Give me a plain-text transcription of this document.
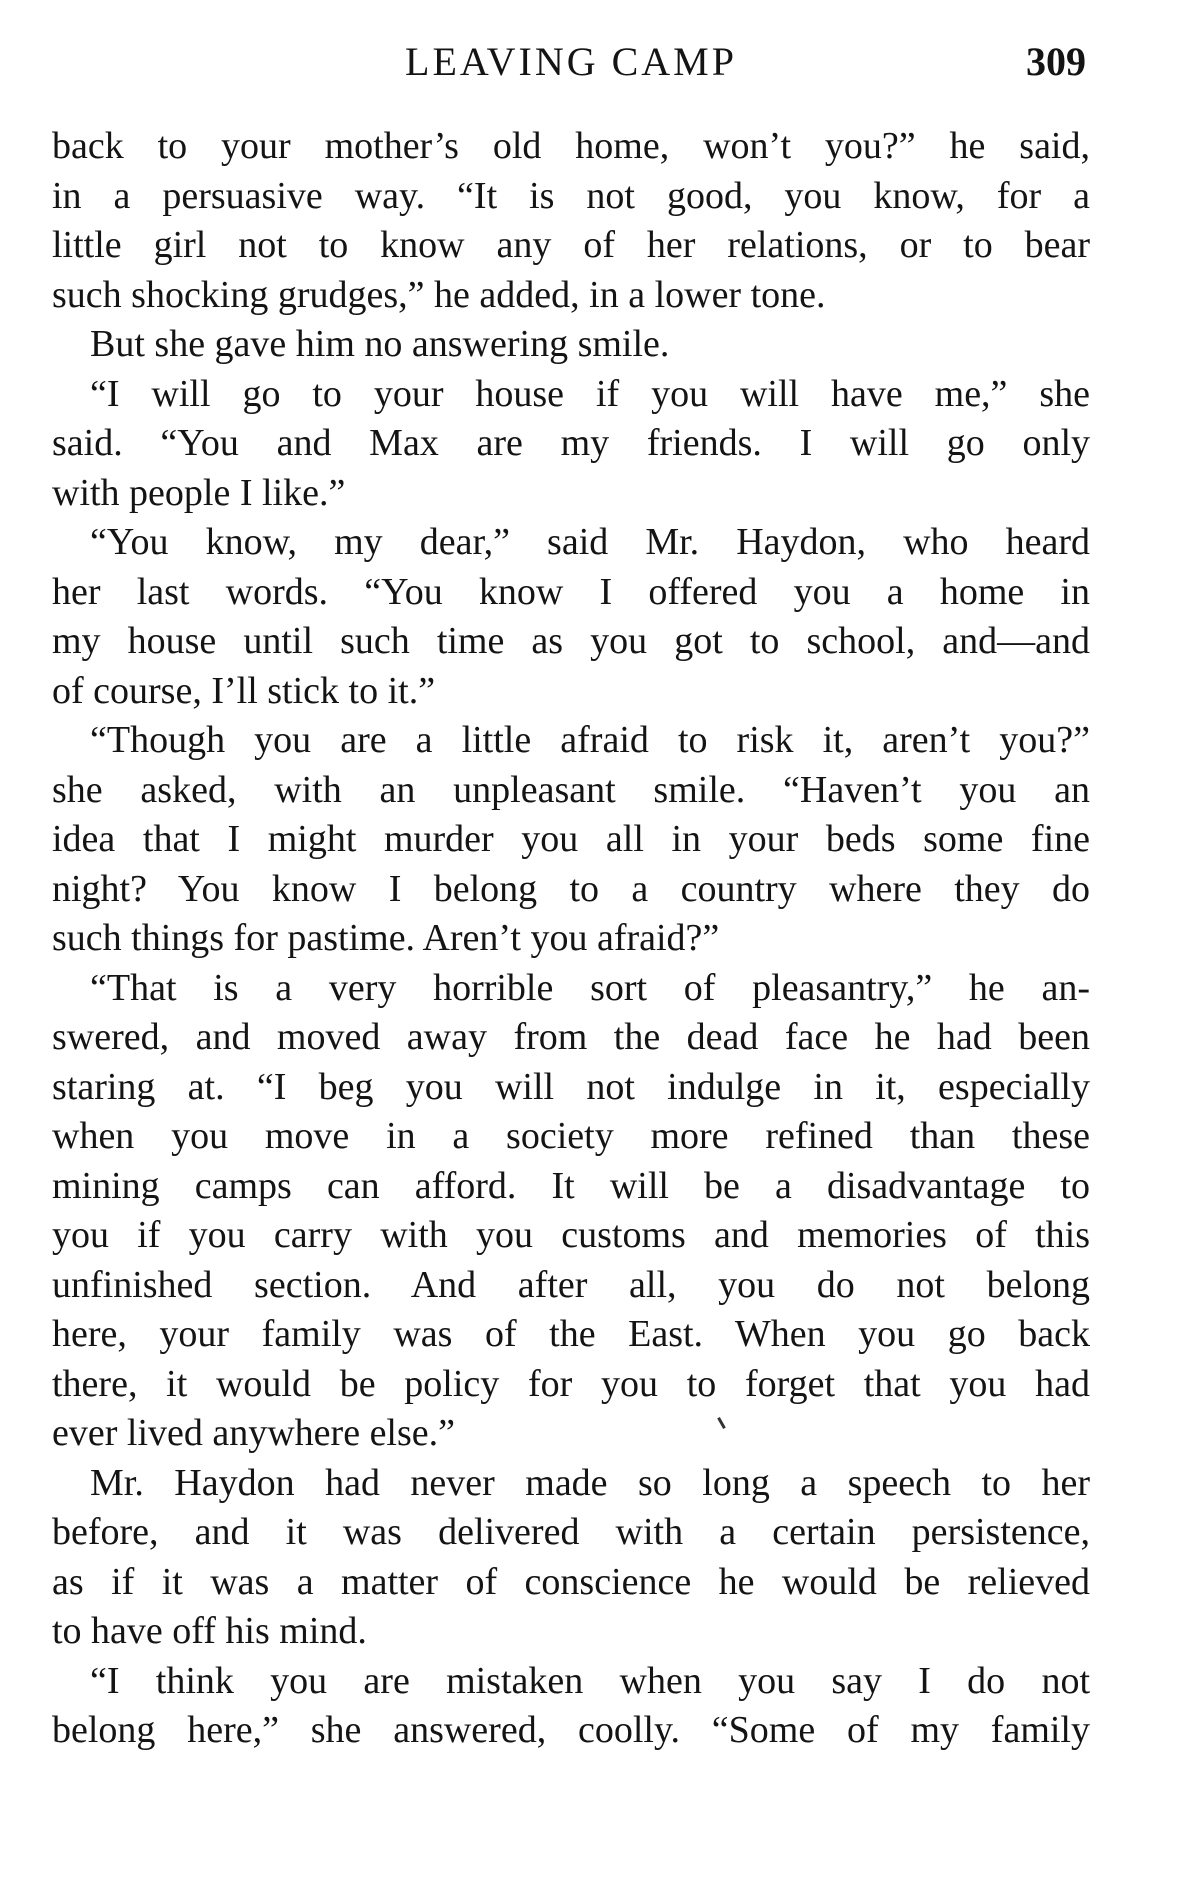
LEAVING CAMP	309
back to your mother’s old home, won’t you?” he said,
in a persuasive way. “It is not good, you know, for a
little girl not to know any of her relations, or to bear
such shocking grudges,” he added, in a lower tone.
But she gave him no answering smile.
“I will go to your house if you will have me,” she
said. “You and Max are my friends. I will go only
with people I like.”
“You know, my dear,” said Mr. Haydon, who heard
her last words. “You know I offered you a home in
my house until such time as you got to school, and—and
of course, I’ll stick to it.”
“Though you are a little afraid to risk it, aren’t you?”
she asked, with an unpleasant smile. “Haven’t you an
idea that I might murder you all in your beds some fine
night? You know I belong to a country where they do
such things for pastime. Aren’t you afraid?”
“That is a very horrible sort of pleasantry,” he an-
swered, and moved away from the dead face he had been
staring at. “I beg you will not indulge in it, especially
when you move in a society more refined than these
mining camps can afford. It will be a disadvantage to
you if you carry with you customs and memories of this
unfinished section. And after all, you do not belong
here, your family was of the East. When you go back
there, it would be policy for you to forget that you had
ever lived anywhere else.”
Mr. Haydon had never made so long a speech to her
before, and it was delivered with a certain persistence,
as if it was a matter of conscience he would be relieved
to have off his mind.
“I think you are mistaken when you say I do not
belong here,” she answered, coolly. “Some of my family
